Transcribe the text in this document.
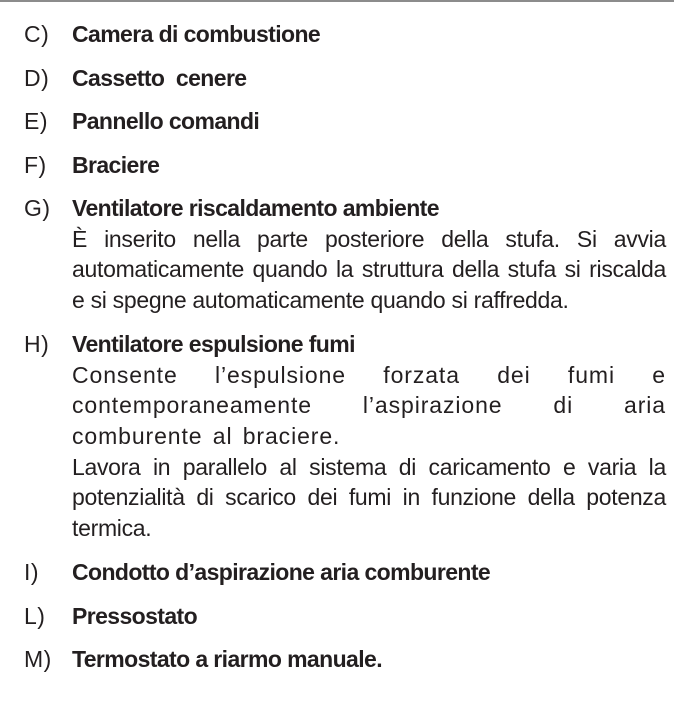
C) Camera di combustione
D) Cassetto  cenere
E) Pannello comandi
F) Braciere
G) Ventilatore riscaldamento ambiente
È inserito nella parte posteriore della stufa. Si avvia automaticamente quando la struttura della stufa si riscalda e si spegne automaticamente quando si raffredda.
H) Ventilatore espulsione fumi
Consente l’espulsione forzata dei fumi e contemporaneamente l’aspirazione di aria comburente al braciere.
Lavora in parallelo al sistema di caricamento e varia la potenzialità di scarico dei fumi in funzione della potenza termica.
I) Condotto d’aspirazione aria comburente
L) Pressostato
M) Termostato a riarmo manuale.
